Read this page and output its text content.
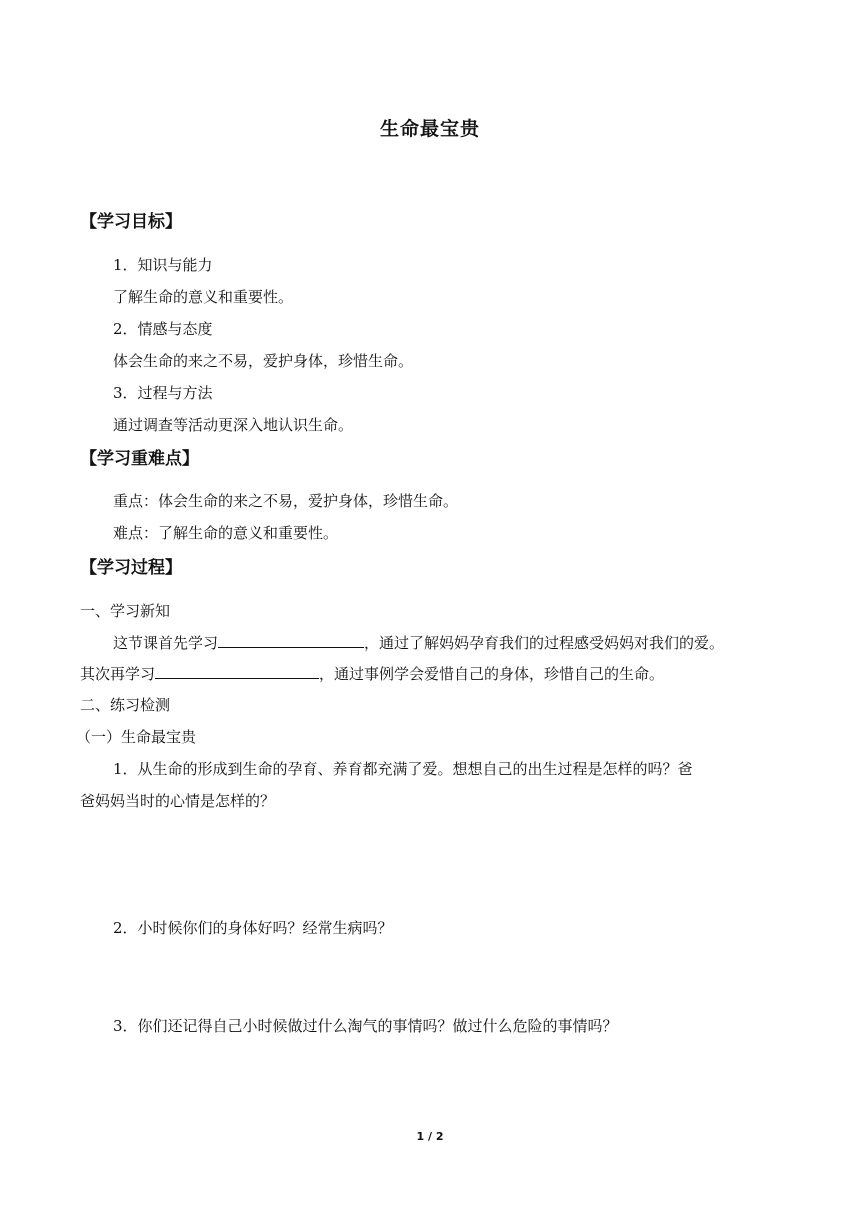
生命最宝贵
【学习目标】
1．知识与能力
了解生命的意义和重要性。
2．情感与态度
体会生命的来之不易，爱护身体，珍惜生命。
3．过程与方法
通过调查等活动更深入地认识生命。
【学习重难点】
重点：体会生命的来之不易，爱护身体，珍惜生命。
难点：了解生命的意义和重要性。
【学习过程】
一、学习新知
这节课首先学习	，通过了解妈妈孕育我们的过程感受妈妈对我们的爱。
其次再学习	，通过事例学会爱惜自己的身体，珍惜自己的生命。
二、练习检测
（一）生命最宝贵
1．从生命的形成到生命的孕育、养育都充满了爱。想想自己的出生过程是怎样的吗？爸
爸妈妈当时的心情是怎样的？
2．小时候你们的身体好吗？经常生病吗？
3．你们还记得自己小时候做过什么淘气的事情吗？做过什么危险的事情吗？
1 / 2
